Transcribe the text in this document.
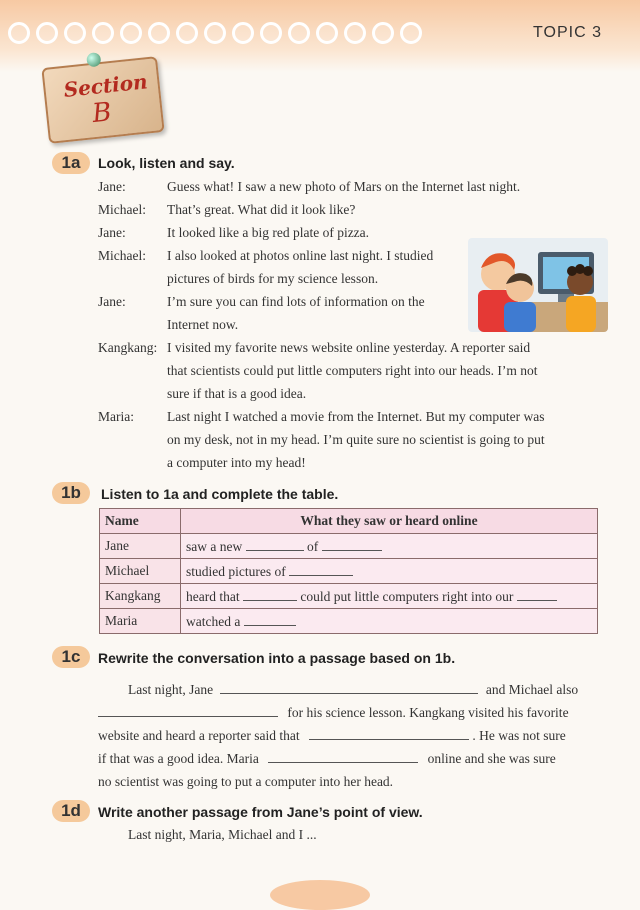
TOPIC 3
Section
B
1a	Look, listen and say.
Jane:	Guess what! I saw a new photo of Mars on the Internet last night.
Michael: That’s great. What did it look like?
Jane:	It looked like a big red plate of pizza.
Michael: I also looked at photos online last night. I studied
pictures of birds for my science lesson.
Jane:	I’m sure you can find lots of information on the
Internet now.
Kangkang: I visited my favorite news website online yesterday. A reporter said
that scientists could put little computers right into our heads. I’m not
sure if that is a good idea.
Maria: Last night I watched a movie from the Internet. But my computer was
on my desk, not in my head. I’m quite sure no scientist is going to put
a computer into my head!
1b	Listen to 1a and complete the table.
Name	What they saw or heard online
Jane	saw a new of
Michael	studied pictures of
Kangkang	heard that could put little computers right into our
Maria	watched a
1c	Rewrite the conversation into a passage based on 1b.
Last night, Jane	and Michael also
for his science lesson. Kangkang visited his favorite
website and heard a reporter said that	. He was not sure
if that was a good idea. Maria	online and she was sure
no scientist was going to put a computer into her head.
1d	Write another passage from Jane’s point of view.
Last night, Maria, Michael and I ...
